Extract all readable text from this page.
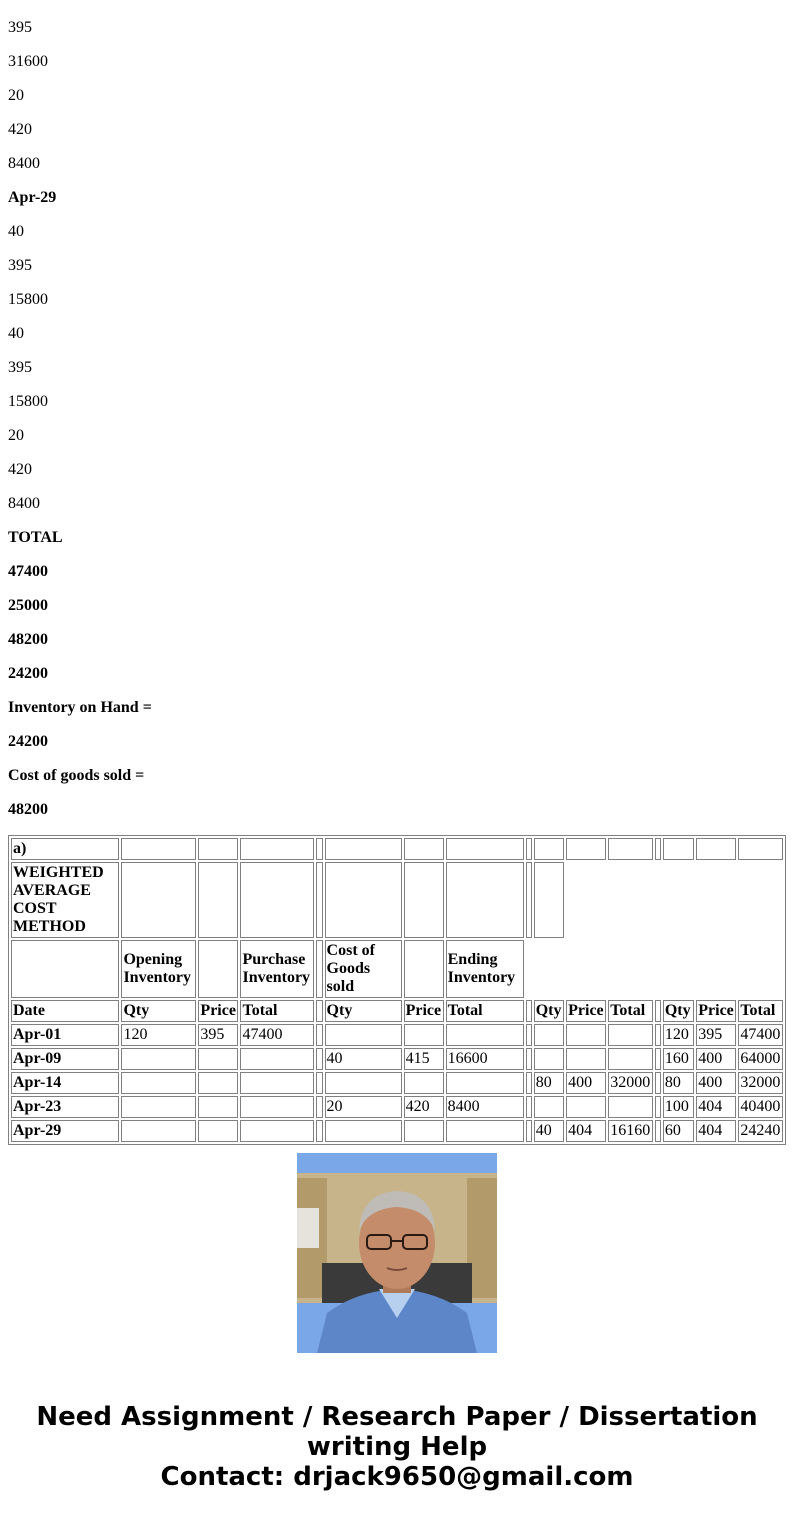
395

31600

20

420

8400

Apr-29

40

395

15800

40

395

15800

20

420

8400

TOTAL

47400

25000

48200

24200

Inventory on Hand =

24200

Cost of goods sold =

48200

a)															
WEIGHTED AVERAGE COST METHOD															
	Opening Inventory		Purchase Inventory		Cost of Goods sold		Ending Inventory								
Date	Qty	Price	Total		Qty	Price	Total		Qty	Price	Total		Qty	Price	Total
Apr-01	120	395	47400										120	395	47400
Apr-09					40	415	16600						160	400	64000
Apr-14									80	400	32000		80	400	32000
Apr-23					20	420	8400						100	404	40400
Apr-29									40	404	16160		60	404	24240
Need Assignment / Research Paper / Dissertation
writing Help
Contact: drjack9650@gmail.com
